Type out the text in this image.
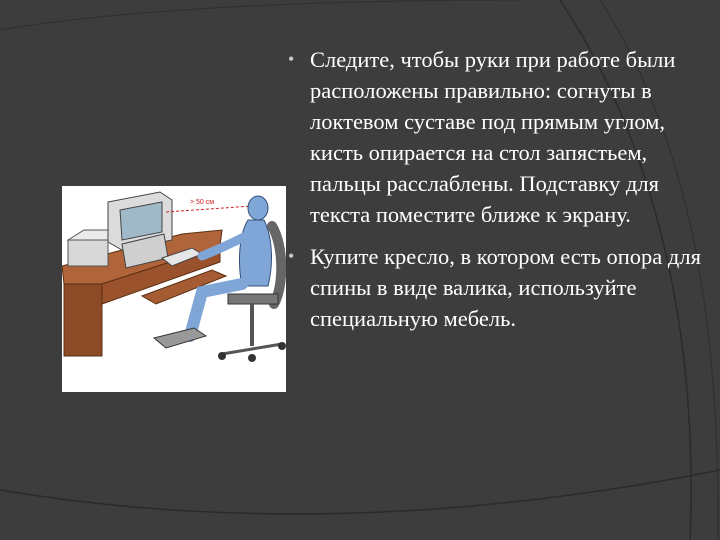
> 50 см
• Следите, чтобы руки при работе были расположены правильно: согнуты в локтевом суставе под прямым углом, кисть опирается на стол запястьем, пальцы расслаблены. Подставку для текста поместите ближе к экрану.
• Купите кресло, в котором есть опора для спины в виде валика, используйте специальную мебель.
